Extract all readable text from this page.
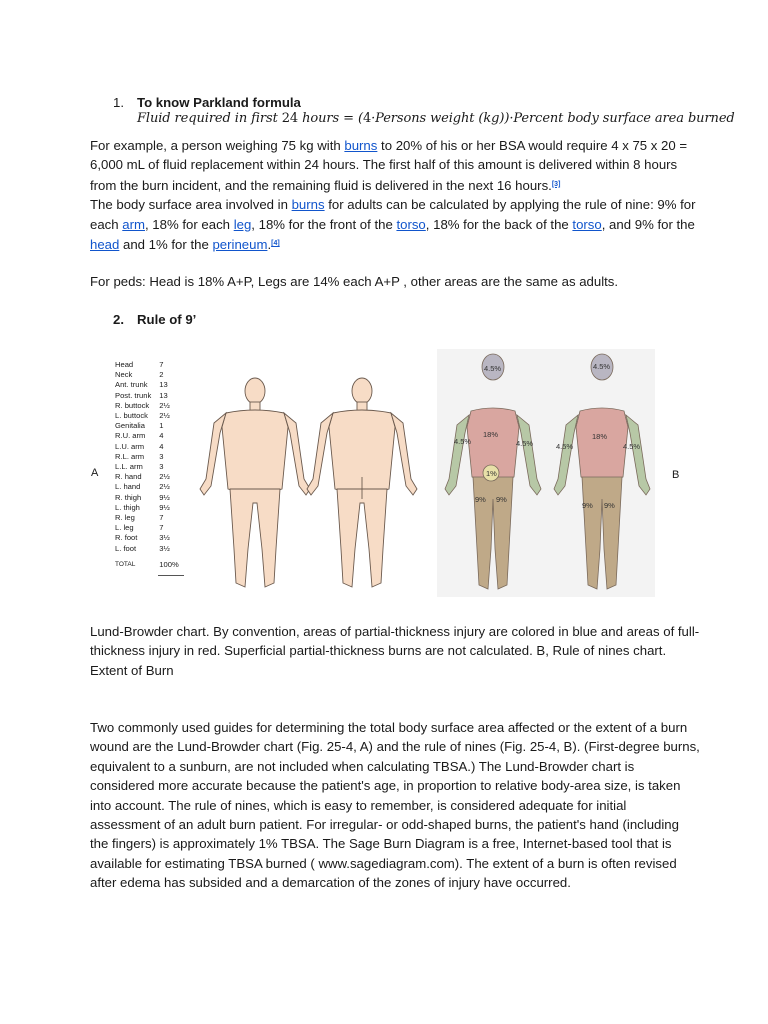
1. To know Parkland formula
Fluid required in first 24 hours = (4·Persons weight (kg))·Percent body surface area burned

For example, a person weighing 75 kg with burns to 20% of his or her BSA would require 4 x 75 x 20 = 6,000 mL of fluid replacement within 24 hours. The first half of this amount is delivered within 8 hours from the burn incident, and the remaining fluid is delivered in the next 16 hours.[3]
The body surface area involved in burns for adults can be calculated by applying the rule of nine: 9% for each arm, 18% for each leg, 18% for the front of the torso, 18% for the back of the torso, and 9% for the head and 1% for the perineum.[4]

For peds: Head is 18% A+P, Legs are 14% each A+P , other areas are the same as adults.

2. Rule of 9’
A	B
Head	7
Neck	2
Ant. trunk	13
Post. trunk	13
R. buttock	2½
L. buttock	2½
Genitalia	1
R.U. arm	4
L.U. arm	4
R.L. arm	3
L.L. arm	3
R. hand	2½
L. hand	2½
R. thigh	9½
L. thigh	9½
R. leg	7
L. leg	7
R. foot	3½
L. foot	3½
TOTAL	100%
4.5%
18%
4.5%	4.5%
1%
9% 9%
4.5%
18%
4.5%	4.5%
9% 9%

Lund-Browder chart. By convention, areas of partial-thickness injury are colored in blue and areas of full-thickness injury in red. Superficial partial-thickness burns are not calculated. B, Rule of nines chart.
Extent of Burn

Two commonly used guides for determining the total body surface area affected or the extent of a burn wound are the Lund-Browder chart (Fig. 25-4, A) and the rule of nines (Fig. 25-4, B). (First-degree burns, equivalent to a sunburn, are not included when calculating TBSA.) The Lund-Browder chart is considered more accurate because the patient's age, in proportion to relative body-area size, is taken into account. The rule of nines, which is easy to remember, is considered adequate for initial assessment of an adult burn patient. For irregular- or odd-shaped burns, the patient's hand (including the fingers) is approximately 1% TBSA. The Sage Burn Diagram is a free, Internet-based tool that is available for estimating TBSA burned ( www.sagediagram.com). The extent of a burn is often revised after edema has subsided and a demarcation of the zones of injury have occurred.
